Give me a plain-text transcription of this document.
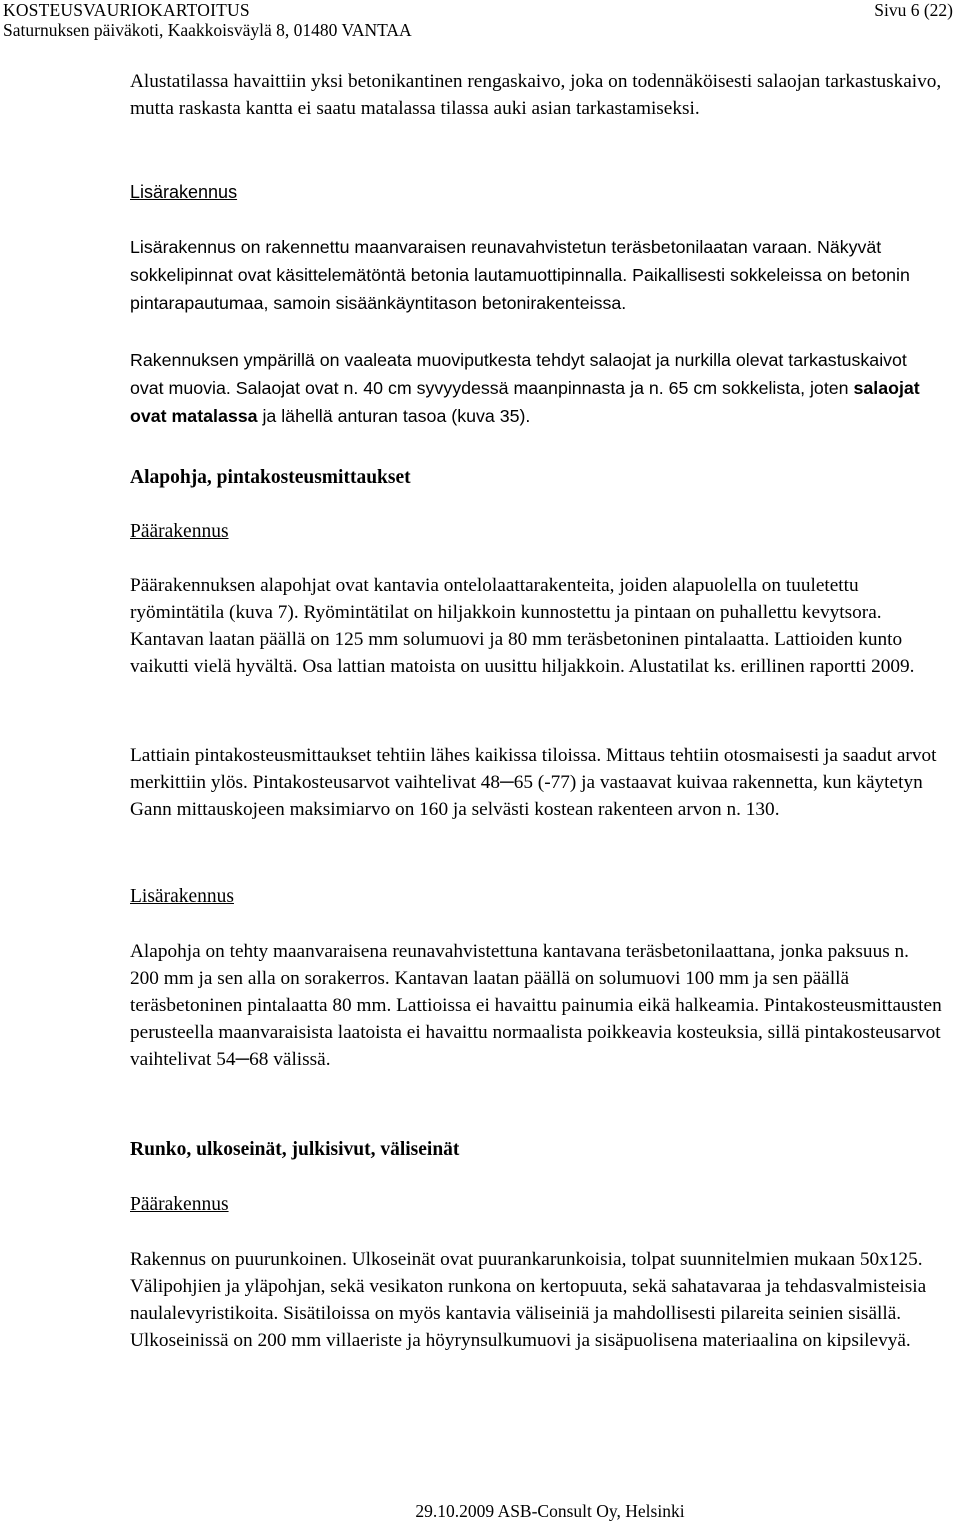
KOSTEUSVAURIOKARTOITUS	Sivu 6 (22)
Saturnuksen päiväkoti, Kaakkoisväylä 8, 01480 VANTAA

Alustatilassa havaittiin yksi betonikantinen rengaskaivo, joka on todennäköisesti salaojan tarkastuskaivo, mutta raskasta kantta ei saatu matalassa tilassa auki asian tarkastamiseksi.

Lisärakennus

Lisärakennus on rakennettu maanvaraisen reunavahvistetun teräsbetonilaatan varaan. Näkyvät sokkelipinnat ovat käsittelemätöntä betonia lautamuottipinnalla. Paikallisesti sokkeleissa on betonin pintarapautumaa, samoin sisäänkäyntitason betonirakenteissa.

Rakennuksen ympärillä on vaaleata muoviputkesta tehdyt salaojat ja nurkilla olevat tarkastuskaivot ovat muovia. Salaojat ovat n. 40 cm syvyydessä maanpinnasta ja n. 65 cm sokkelista, joten salaojat ovat matalassa ja lähellä anturan tasoa (kuva 35).

Alapohja, pintakosteusmittaukset
Päärakennus

Päärakennuksen alapohjat ovat kantavia ontelolaattarakenteita, joiden alapuolella on tuuletettu ryömintätila (kuva 7). Ryömintätilat on hiljakkoin kunnostettu ja pintaan on puhallettu kevytsora. Kantavan laatan päällä on 125 mm solumuovi ja 80 mm teräsbetoninen pintalaatta. Lattioiden kunto vaikutti vielä hyvältä. Osa lattian matoista on uusittu hiljakkoin. Alustatilat ks. erillinen raportti 2009.

Lattiain pintakosteusmittaukset tehtiin lähes kaikissa tiloissa. Mittaus tehtiin otosmaisesti ja saadut arvot merkittiin ylös. Pintakosteusarvot vaihtelivat 48─65 (-77) ja vastaavat kuivaa rakennetta, kun käytetyn Gann mittauskojeen maksimiarvo on 160 ja selvästi kostean rakenteen arvon n. 130.

Lisärakennus

Alapohja on tehty maanvaraisena reunavahvistettuna kantavana teräsbetonilaattana, jonka paksuus n. 200 mm ja sen alla on sorakerros. Kantavan laatan päällä on solumuovi 100 mm ja sen päällä teräsbetoninen pintalaatta 80 mm. Lattioissa ei havaittu painumia eikä halkeamia. Pintakosteusmittausten perusteella maanvaraisista laatoista ei havaittu normaalista poikkeavia kosteuksia, sillä pintakosteusarvot vaihtelivat 54─68 välissä.

Runko, ulkoseinät, julkisivut, väliseinät
Päärakennus

Rakennus on puurunkoinen. Ulkoseinät ovat puurankarunkoisia, tolpat suunnitelmien mukaan 50x125. Välipohjien ja yläpohjan, sekä vesikaton runkona on kertopuuta, sekä sahatavaraa ja tehdasvalmisteisia naulalevyristikoita. Sisätiloissa on myös kantavia väliseiniä ja mahdollisesti pilareita seinien sisällä. Ulkoseinissä on 200 mm villaeriste ja höyrynsulkumuovi ja sisäpuolisena materiaalina on kipsilevyä.

29.10.2009 ASB-Consult Oy, Helsinki
